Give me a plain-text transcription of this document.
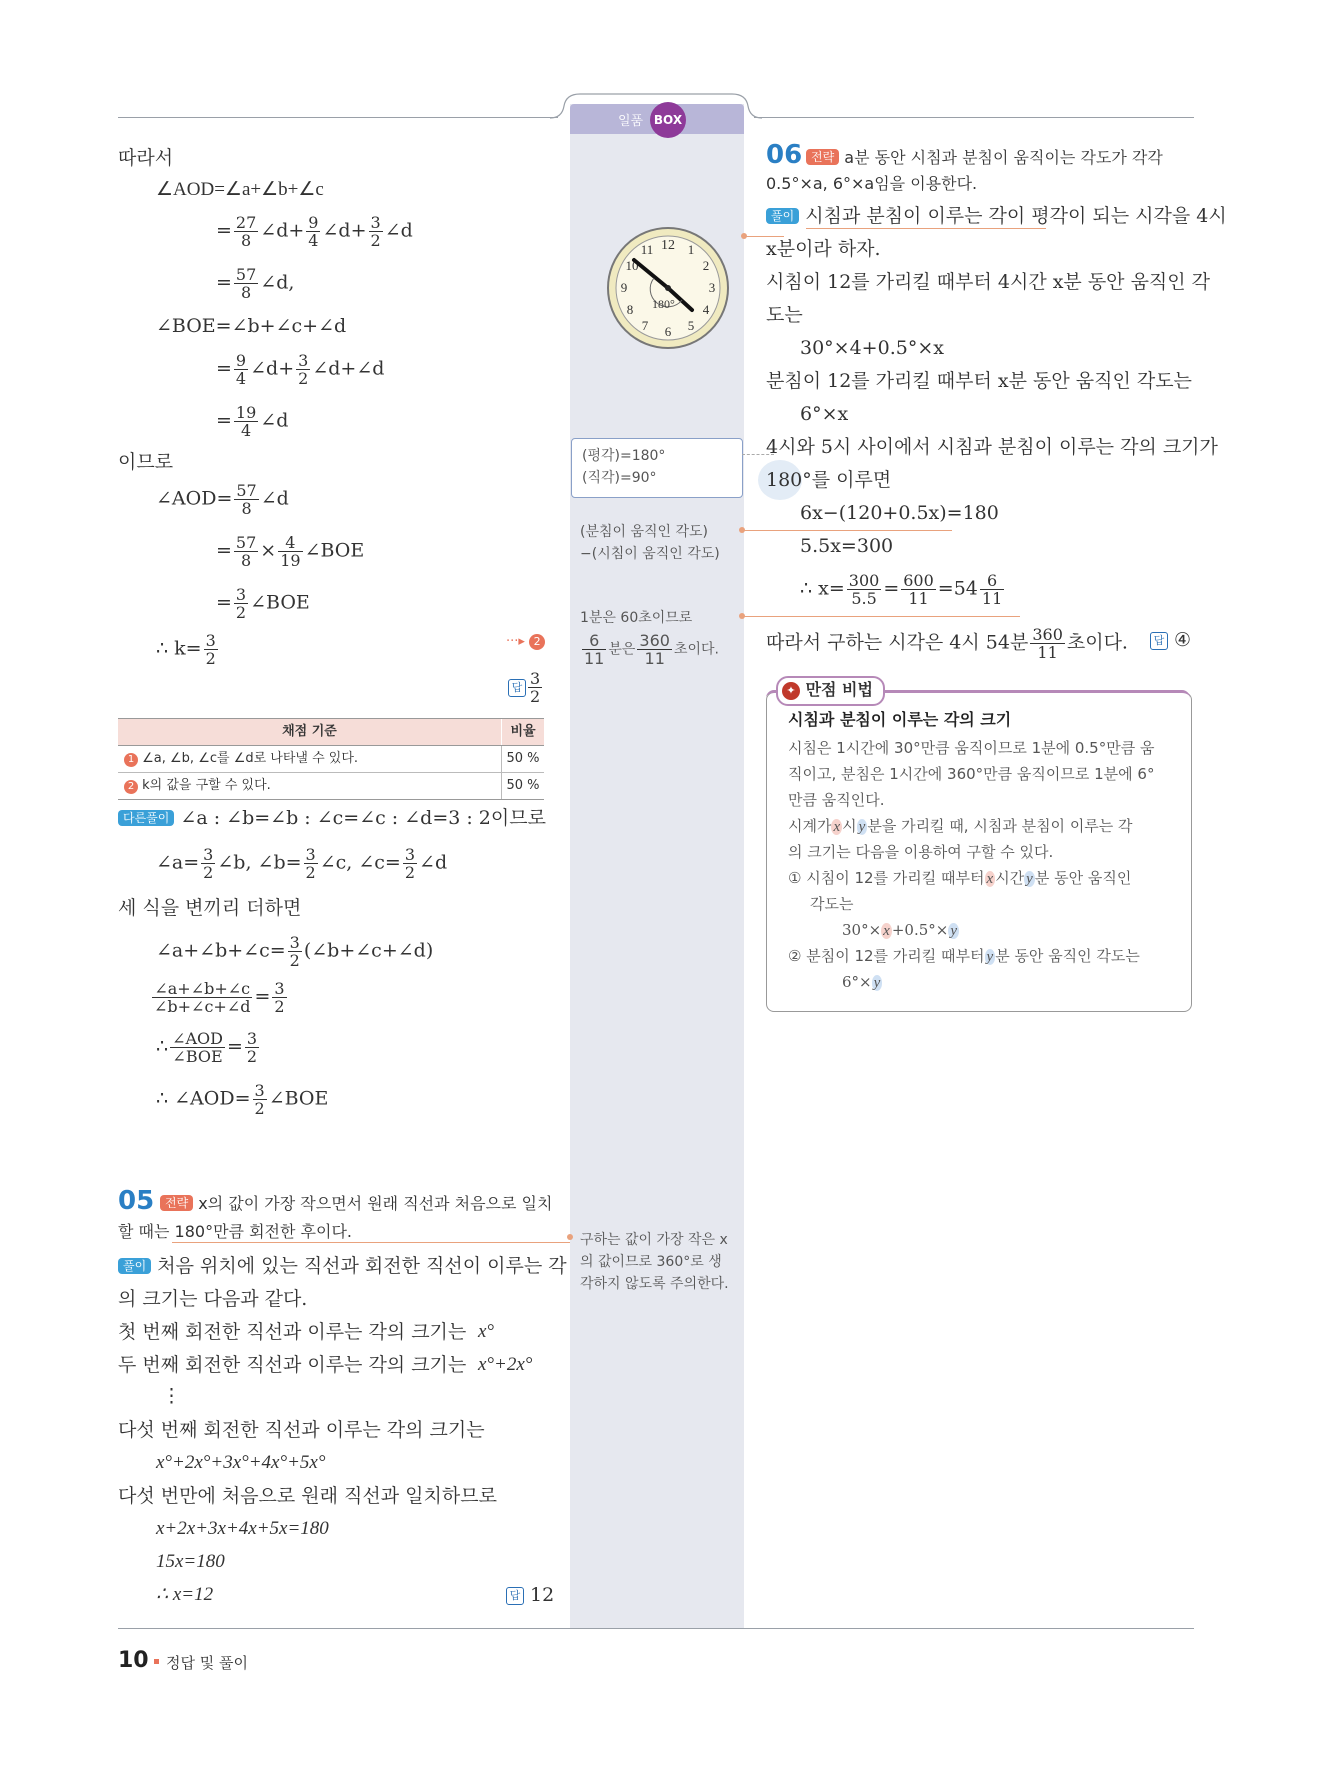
일품 BOX
따라서
∠AOD=∠a+∠b+∠c
= $\frac{27}{8}$ ∠d+ $\frac{9}{4}$ ∠d+ $\frac{3}{2}$ ∠d
= $\frac{57}{8}$ ∠d,
∠BOE=∠b+∠c+∠d
= $\frac{9}{4}$ ∠d+ $\frac{3}{2}$ ∠d+∠d
= $\frac{19}{4}$ ∠d
이므로
∠AOD= $\frac{57}{8}$ ∠d
= $\frac{57}{8} \times \frac{4}{19}$ ∠BOE
= $\frac{3}{2}$ ∠BOE
∴ $k= \frac{3}{2}$	···▸ 2
답 $\frac{3}{2}$
채점 기준	비율
1 ∠a, ∠b, ∠c를 ∠d로 나타낼 수 있다.	50 %
2 k의 값을 구할 수 있다.	50 %
다른풀이 ∠a : ∠b=∠b : ∠c=∠c : ∠d=3 : 2이므로
∠a= $\frac{3}{2}$ ∠b, ∠b= $\frac{3}{2}$ ∠c, ∠c= $\frac{3}{2}$ ∠d
세 식을 변끼리 더하면
∠a+∠b+∠c= $\frac{3}{2}$ (∠b+∠c+∠d)
$\frac{\angle a+\angle b+\angle c}{\angle b+\angle c+\angle d} = \frac{3}{2}$
∴ $\frac{\text{∠AOD}}{\text{∠BOE}} = \frac{3}{2}$
∴ ∠AOD= $\frac{3}{2}$ ∠BOE
05 전략 x의 값이 가장 작으면서 원래 직선과 처음으로 일치
할 때는 180°만큼 회전한 후이다.
풀이 처음 위치에 있는 직선과 회전한 직선이 이루는 각
의 크기는 다음과 같다.
첫 번째 회전한 직선과 이루는 각의 크기는 x°
두 번째 회전한 직선과 이루는 각의 크기는 x°+2x°
⋮
다섯 번째 회전한 직선과 이루는 각의 크기는
x°+2x°+3x°+4x°+5x°
다섯 번만에 처음으로 원래 직선과 일치하므로
x+2x+3x+4x+5x=180
15x=180
∴ x=12	답 12
12 1
2
3
4
5
6
7
8
9
10
11
180°
(평각)=180°
(직각)=90°
(분침이 움직인 각도)
−(시침이 움직인 각도)
1분은 60초이므로
$\frac{6}{11}$ 분은 $\frac{360}{11}$ 초이다.
구하는 값이 가장 작은 x
의 값이므로 360°로 생
각하지 않도록 주의한다.
06 전략 a분 동안 시침과 분침이 움직이는 각도가 각각
0.5°×a, 6°×a임을 이용한다.
풀이 시침과 분침이 이루는 각이 평각이 되는 시각을 4시
x분이라 하자.
시침이 12를 가리킬 때부터 4시간 x분 동안 움직인 각
도는
30°×4+0.5°×x
분침이 12를 가리킬 때부터 x분 동안 움직인 각도는
6°×x
4시와 5시 사이에서 시침과 분침이 이루는 각의 크기가
180°를 이루면
6x−(120+0.5x)=180
5.5x=300
∴ $x= \frac{300}{5.5} = \frac{600}{11} =54 \frac{6}{11}$
따라서 구하는 시각은 4시 54분 $\frac{360}{11}$ 초이다.	답 ④
✦ 만점 비법
시침과 분침이 이루는 각의 크기
시침은 1시간에 30°만큼 움직이므로 1분에 0.5°만큼 움
직이고, 분침은 1시간에 360°만큼 움직이므로 1분에 6°
만큼 움직인다.
시계가 x 시 y 분을 가리킬 때, 시침과 분침이 이루는 각
의 크기는 다음을 이용하여 구할 수 있다.
① 시침이 12를 가리킬 때부터 x 시간 y 분 동안 움직인
각도는
30°× x +0.5°× y
② 분침이 12를 가리킬 때부터 y 분 동안 움직인 각도는
6°× y
10 정답 및 풀이
